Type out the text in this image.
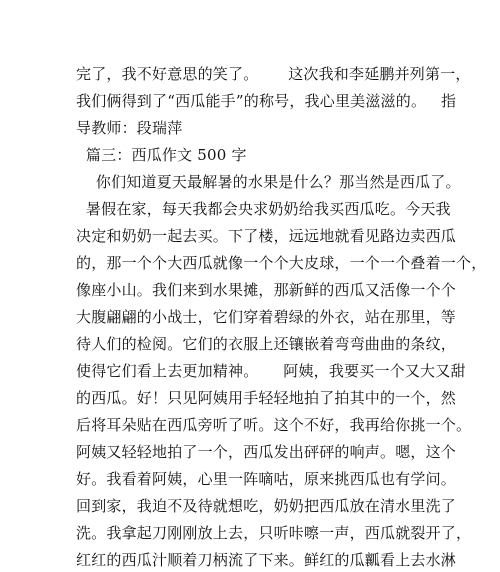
完了，我不好意思的笑了。      这次我和李延鹏并列第一，
我们俩得到了“西瓜能手”的称号，我心里美滋滋的。   指
导教师：段瑞萍
篇三：西瓜作文 500 字
你们知道夏天最解暑的水果是什么？那当然是西瓜了。
暑假在家，每天我都会央求奶奶给我买西瓜吃。今天我
决定和奶奶一起去买。下了楼，远远地就看见路边卖西瓜
的，那一个个大西瓜就像一个个大皮球，一个一个叠着一个，
像座小山。我们来到水果摊，那新鲜的西瓜又活像一个个
大腹翩翩的小战士，它们穿着碧绿的外衣，站在那里，等
待人们的检阅。它们的衣服上还镶嵌着弯弯曲曲的条纹，
使得它们看上去更加精神。     阿姨，我要买一个又大又甜
的西瓜。好！只见阿姨用手轻轻地拍了拍其中的一个，然
后将耳朵贴在西瓜旁听了听。这个不好，我再给你挑一个。
阿姨又轻轻地拍了一个，西瓜发出砰砰的响声。嗯，这个
好。我看着阿姨，心里一阵嘀咕，原来挑西瓜也有学问。
回到家，我迫不及待就想吃，奶奶把西瓜放在清水里洗了
洗。我拿起刀刚刚放上去，只听咔嚓一声，西瓜就裂开了，
红红的西瓜汁顺着刀柄流了下来。鲜红的瓜瓤看上去水淋
